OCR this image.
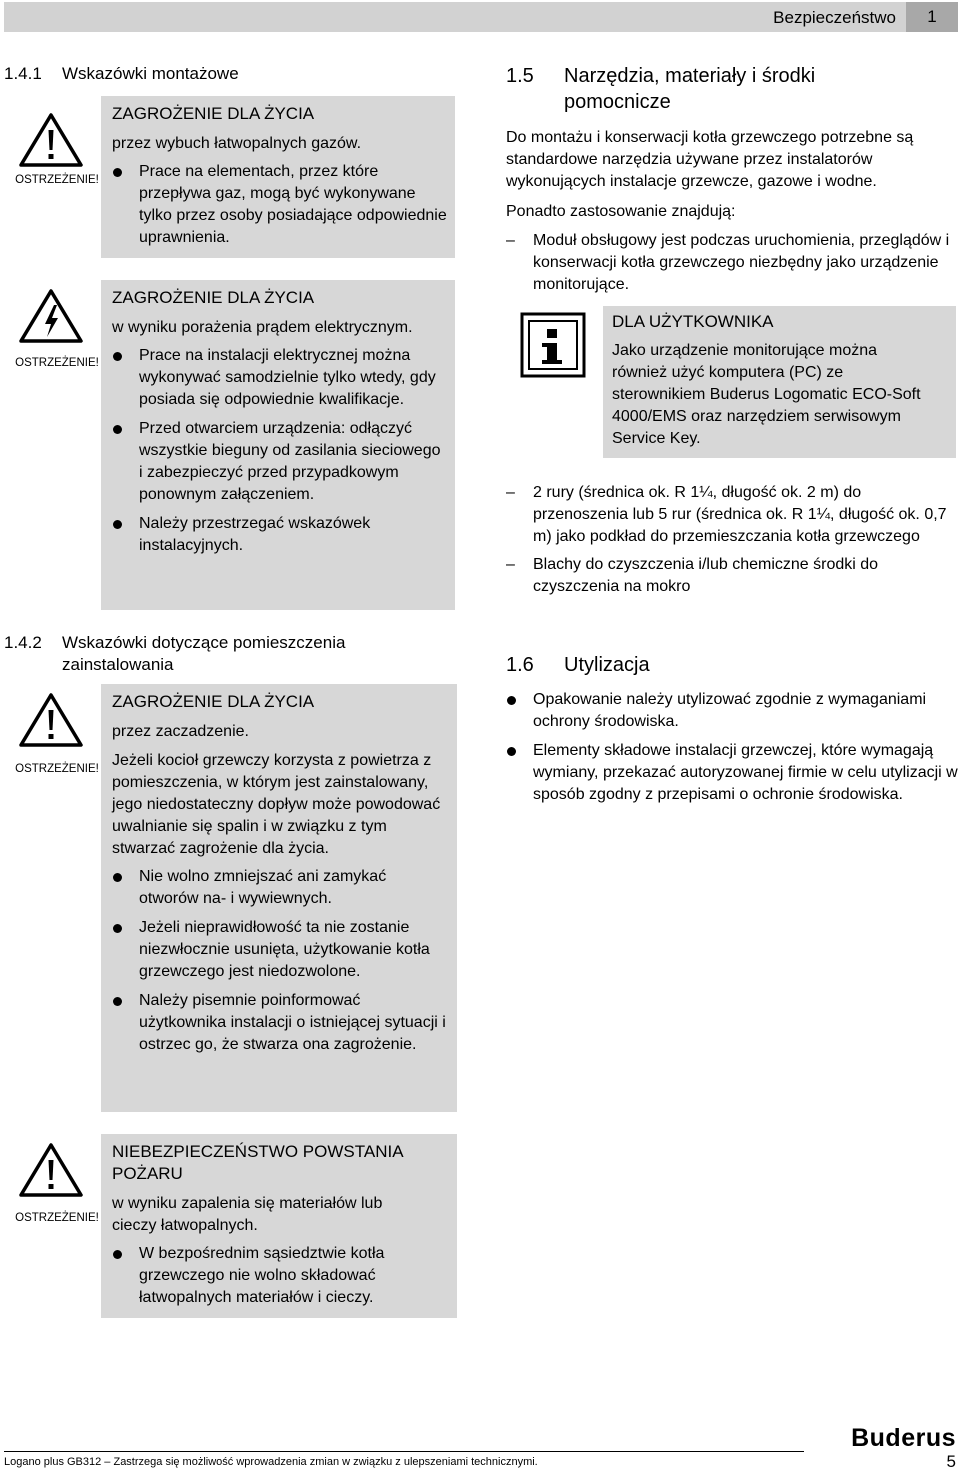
Bezpieczeństwo	1
1.4.1 Wskazówki montażowe
OSTRZEŻENIE!
ZAGROŻENIE DLA ŻYCIA
przez wybuch łatwopalnych gazów.
Prace na elementach, przez które przepływa gaz, mogą być wykonywane tylko przez osoby posiadające odpowiednie uprawnienia.
OSTRZEŻENIE!
ZAGROŻENIE DLA ŻYCIA
w wyniku porażenia prądem elektrycznym.
Prace na instalacji elektrycznej można wykonywać samodzielnie tylko wtedy, gdy posiada się odpowiednie kwalifikacje.
Przed otwarciem urządzenia: odłączyć wszystkie bieguny od zasilania sieciowego i zabezpieczyć przed przypadkowym ponownym załączeniem.
Należy przestrzegać wskazówek instalacyjnych.
1.4.2 Wskazówki dotyczące pomieszczenia
zainstalowania
OSTRZEŻENIE!
ZAGROŻENIE DLA ŻYCIA
przez zaczadzenie.
Jeżeli kocioł grzewczy korzysta z powietrza z pomieszczenia, w którym jest zainstalowany, jego niedostateczny dopływ może powodować uwalnianie się spalin i w związku z tym stwarzać zagrożenie dla życia.
Nie wolno zmniejszać ani zamykać otworów na- i wywiewnych.
Jeżeli nieprawidłowość ta nie zostanie niezwłocznie usunięta, użytkowanie kotła grzewczego jest niedozwolone.
Należy pisemnie poinformować użytkownika instalacji o istniejącej sytuacji i ostrzec go, że stwarza ona zagrożenie.
OSTRZEŻENIE!
NIEBEZPIECZEŃSTWO POWSTANIA
POŻARU
w wyniku zapalenia się materiałów lub cieczy łatwopalnych.
W bezpośrednim sąsiedztwie kotła grzewczego nie wolno składować łatwopalnych materiałów i cieczy.
1.5 Narzędzia, materiały i środki
pomocnicze
Do montażu i konserwacji kotła grzewczego potrzebne są standardowe narzędzia używane przez instalatorów wykonujących instalacje grzewcze, gazowe i wodne.
Ponadto zastosowanie znajdują:
– Moduł obsługowy jest podczas uruchomienia, przeglądów i konserwacji kotła grzewczego niezbędny jako urządzenie monitorujące.
DLA UŻYTKOWNIKA
Jako urządzenie monitorujące można również użyć komputera (PC) ze sterownikiem Buderus Logomatic ECO-Soft 4000/EMS oraz narzędziem serwisowym Service Key.
– 2 rury (średnica ok. R 1¼, długość ok. 2 m) do przenoszenia lub 5 rur (średnica ok. R 1¼, długość ok. 0,7 m) jako podkład do przemieszczania kotła grzewczego
– Blachy do czyszczenia i/lub chemiczne środki do czyszczenia na mokro
1.6 Utylizacja
Opakowanie należy utylizować zgodnie z wymaganiami ochrony środowiska.
Elementy składowe instalacji grzewczej, które wymagają wymiany, przekazać autoryzowanej firmie w celu utylizacji w sposób zgodny z przepisami o ochronie środowiska.
Buderus
Logano plus GB312 – Zastrzega się możliwość wprowadzenia zmian w związku z ulepszeniami technicznymi.	5
